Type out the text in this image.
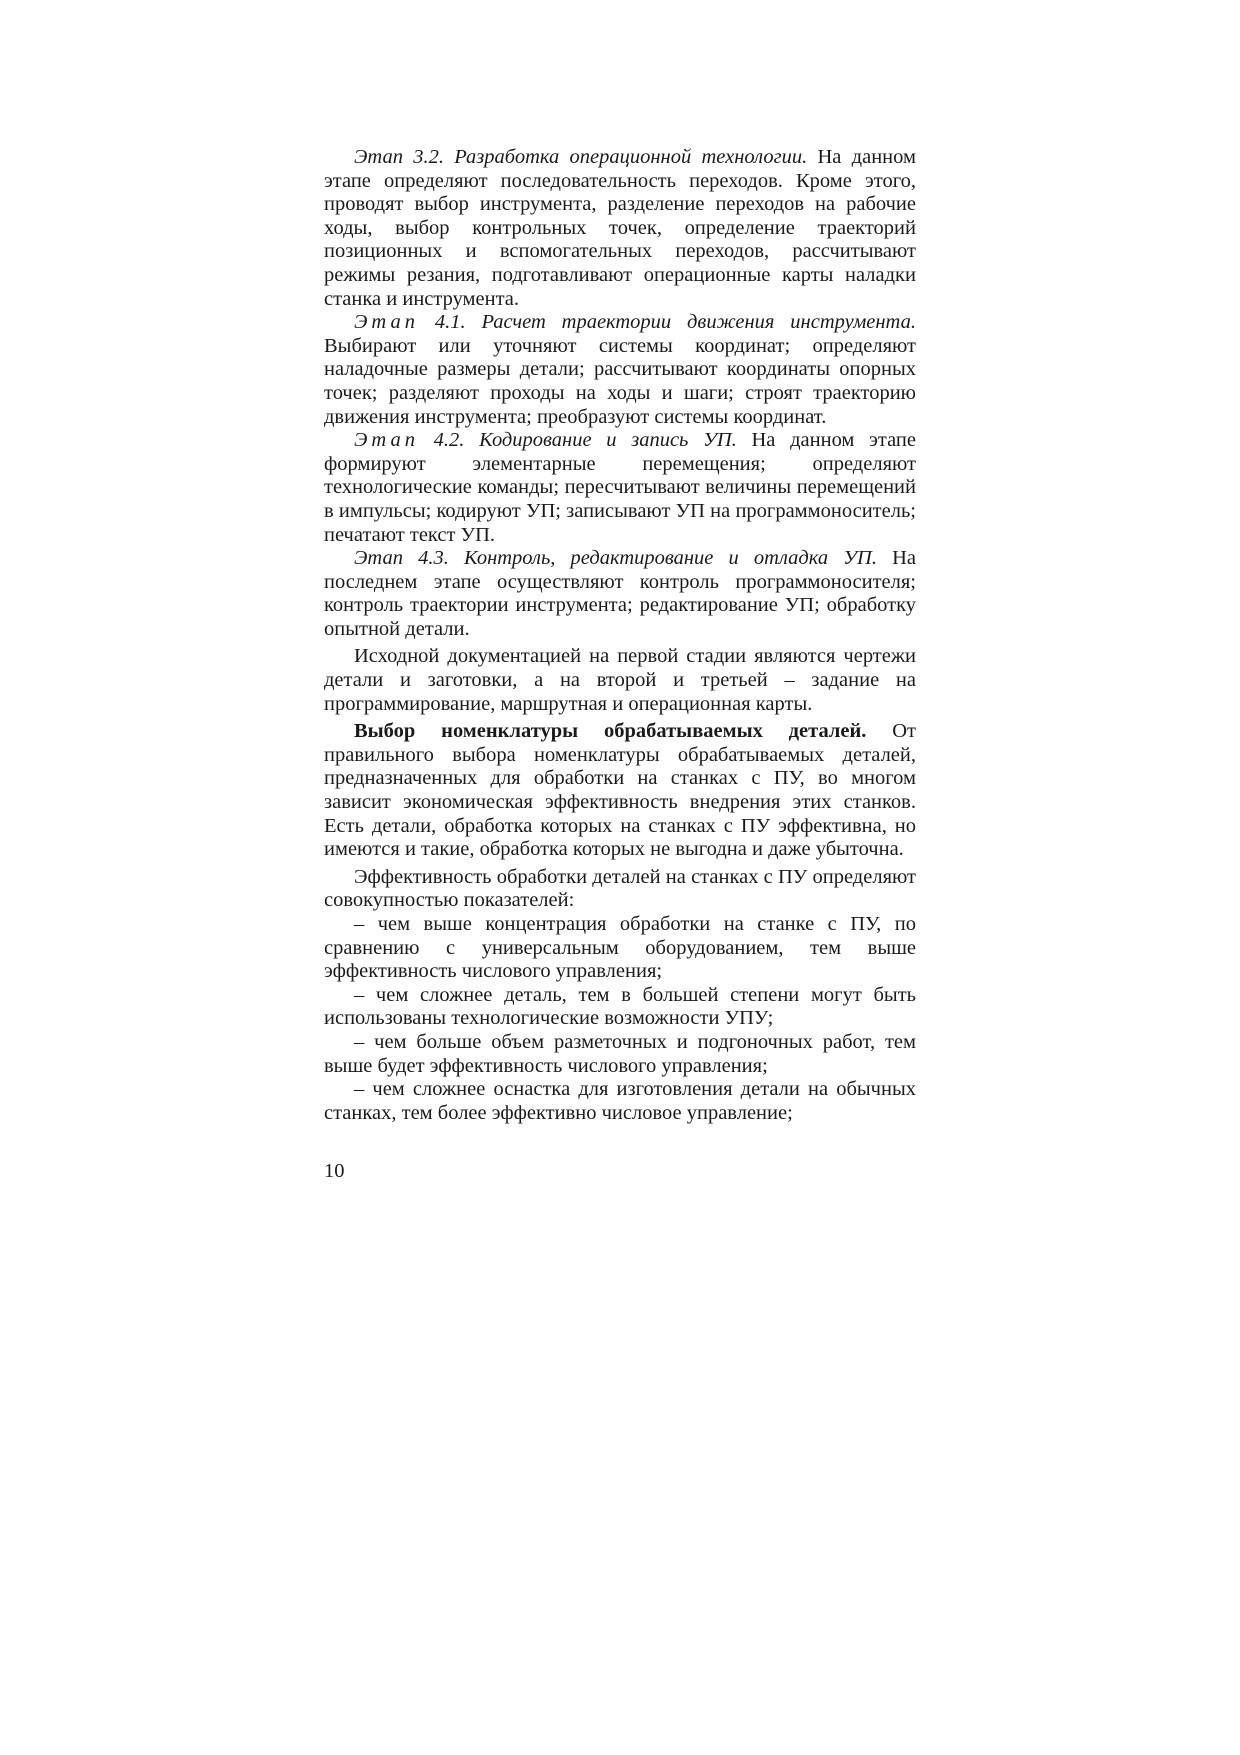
Этап 3.2. Разработка операционной технологии. На данном этапе определяют последовательность переходов. Кроме этого, проводят выбор инструмента, разделение переходов на рабочие ходы, выбор контрольных точек, определение траекторий позиционных и вспомогательных переходов, рассчитывают режимы резания, подготавливают операционные карты наладки станка и инструмента.

Этап 4.1. Расчет траектории движения инструмента. Выбирают или уточняют системы координат; определяют наладочные размеры детали; рассчитывают координаты опорных точек; разделяют проходы на ходы и шаги; строят траекторию движения инструмента; преобразуют системы координат.

Этап 4.2. Кодирование и запись УП. На данном этапе формируют элементарные перемещения; определяют технологические команды; пересчитывают величины перемещений в импульсы; кодируют УП; записывают УП на программоноситель; печатают текст УП.

Этап 4.3. Контроль, редактирование и отладка УП. На последнем этапе осуществляют контроль программоносителя; контроль траектории инструмента; редактирование УП; обработку опытной детали.

Исходной документацией на первой стадии являются чертежи детали и заготовки, а на второй и третьей – задание на программирование, маршрутная и операционная карты.

Выбор номенклатуры обрабатываемых деталей. От правильного выбора номенклатуры обрабатываемых деталей, предназначенных для обработки на станках с ПУ, во многом зависит экономическая эффективность внедрения этих станков. Есть детали, обработка которых на станках с ПУ эффективна, но имеются и такие, обработка которых не выгодна и даже убыточна.

Эффективность обработки деталей на станках с ПУ определяют совокупностью показателей:

– чем выше концентрация обработки на станке с ПУ, по сравнению с универсальным оборудованием, тем выше эффективность числового управления;

– чем сложнее деталь, тем в большей степени могут быть использованы технологические возможности УПУ;

– чем больше объем разметочных и подгоночных работ, тем выше будет эффективность числового управления;

– чем сложнее оснастка для изготовления детали на обычных станках, тем более эффективно числовое управление;

10
